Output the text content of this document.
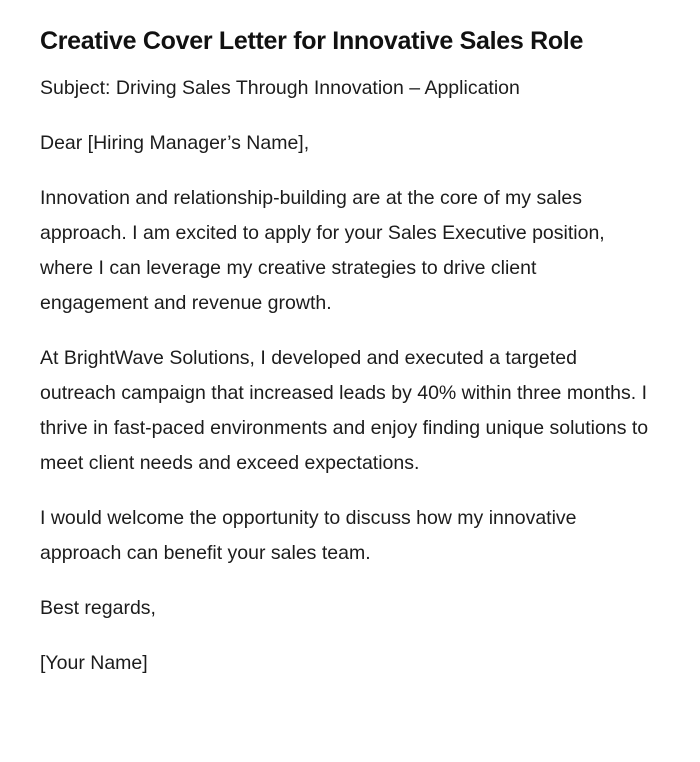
Creative Cover Letter for Innovative Sales Role

Subject: Driving Sales Through Innovation – Application

Dear [Hiring Manager’s Name],

Innovation and relationship-building are at the core of my sales approach. I am excited to apply for your Sales Executive position, where I can leverage my creative strategies to drive client engagement and revenue growth.

At BrightWave Solutions, I developed and executed a targeted outreach campaign that increased leads by 40% within three months. I thrive in fast-paced environments and enjoy finding unique solutions to meet client needs and exceed expectations.

I would welcome the opportunity to discuss how my innovative approach can benefit your sales team.

Best regards,

[Your Name]
